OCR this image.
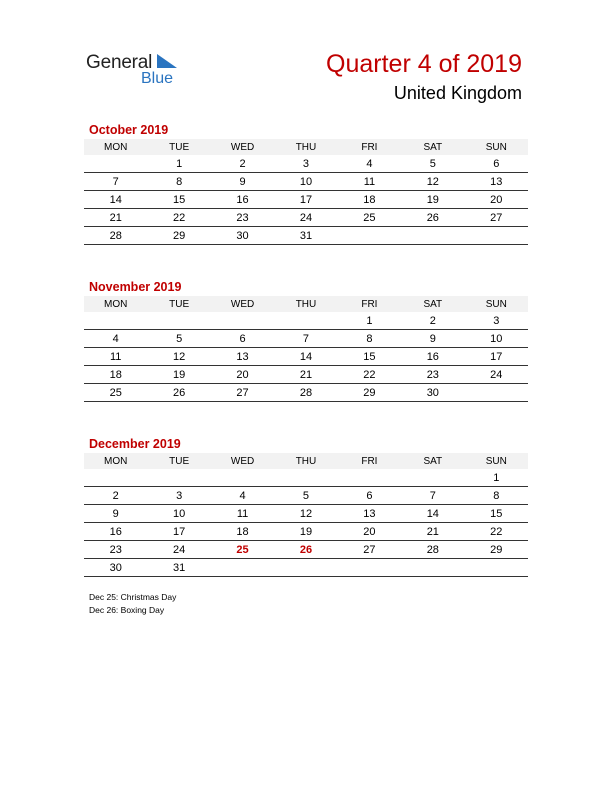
General
Blue
Quarter 4 of 2019
United Kingdom
October 2019
MON	TUE	WED	THU	FRI	SAT	SUN
	1	2	3	4	5	6
7	8	9	10	11	12	13
14	15	16	17	18	19	20
21	22	23	24	25	26	27
28	29	30	31			
November 2019
MON	TUE	WED	THU	FRI	SAT	SUN
				1	2	3
4	5	6	7	8	9	10
11	12	13	14	15	16	17
18	19	20	21	22	23	24
25	26	27	28	29	30	
December 2019
MON	TUE	WED	THU	FRI	SAT	SUN
						1
2	3	4	5	6	7	8
9	10	11	12	13	14	15
16	17	18	19	20	21	22
23	24	25	26	27	28	29
30	31					
Dec 25: Christmas Day
Dec 26: Boxing Day
